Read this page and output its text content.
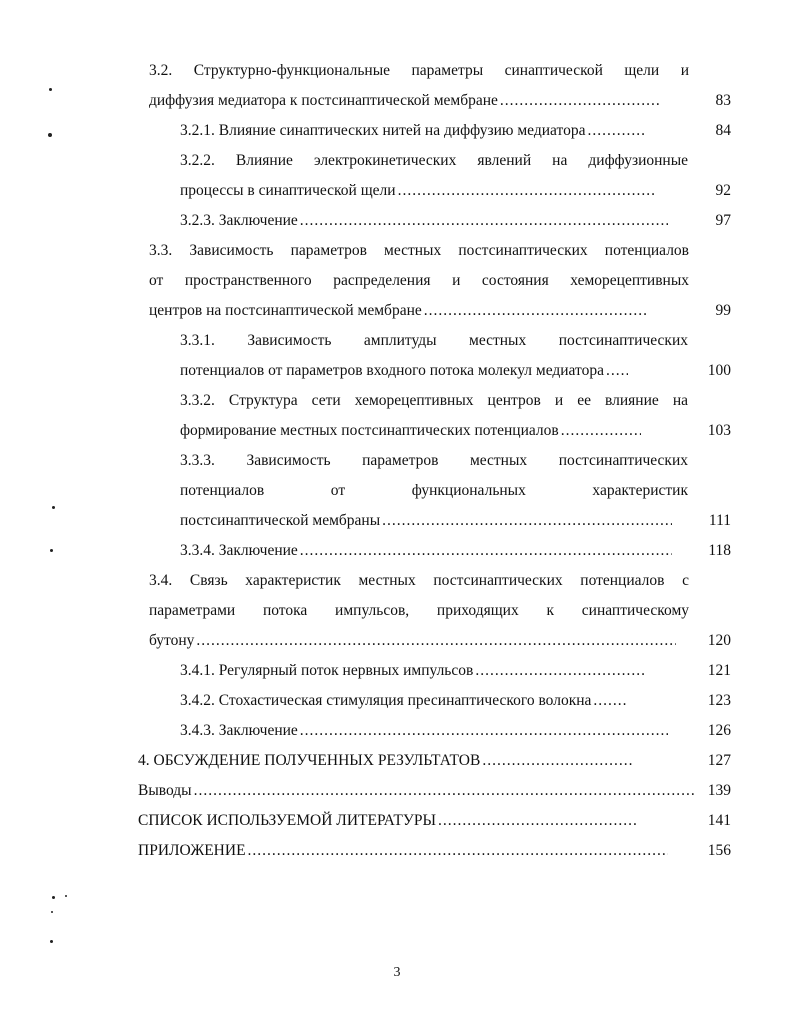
3.2. Структурно-функциональные параметры синаптической щели и
диффузия медиатора к постсинаптической мембране .....	83
3.2.1. Влияние синаптических нитей на диффузию медиатора .....	84
3.2.2. Влияние электрокинетических явлений на диффузионные
процессы в синаптической щели .....	92
3.2.3. Заключение .....	97
3.3. Зависимость параметров местных постсинаптических потенциалов
от пространственного распределения и состояния хеморецептивных
центров на постсинаптической мембране .....	99
3.3.1. Зависимость амплитуды местных постсинаптических
потенциалов от параметров входного потока молекул медиатора .....	100
3.3.2. Структура сети хеморецептивных центров и ее влияние на
формирование местных постсинаптических потенциалов .....	103
3.3.3. Зависимость параметров местных постсинаптических
потенциалов от функциональных характеристик
постсинаптической мембраны .....	111
3.3.4. Заключение .....	118
3.4. Связь характеристик местных постсинаптических потенциалов с
параметрами потока импульсов, приходящих к синаптическому
бутону .....	120
3.4.1. Регулярный поток нервных импульсов .....	121
3.4.2. Стохастическая стимуляция пресинаптического волокна .....	123
3.4.3. Заключение .....	126
4. ОБСУЖДЕНИЕ ПОЛУЧЕННЫХ РЕЗУЛЬТАТОВ .....	127
Выводы .....	139
СПИСОК ИСПОЛЬЗУЕМОЙ ЛИТЕРАТУРЫ .....	141
ПРИЛОЖЕНИЕ .....	156
3
